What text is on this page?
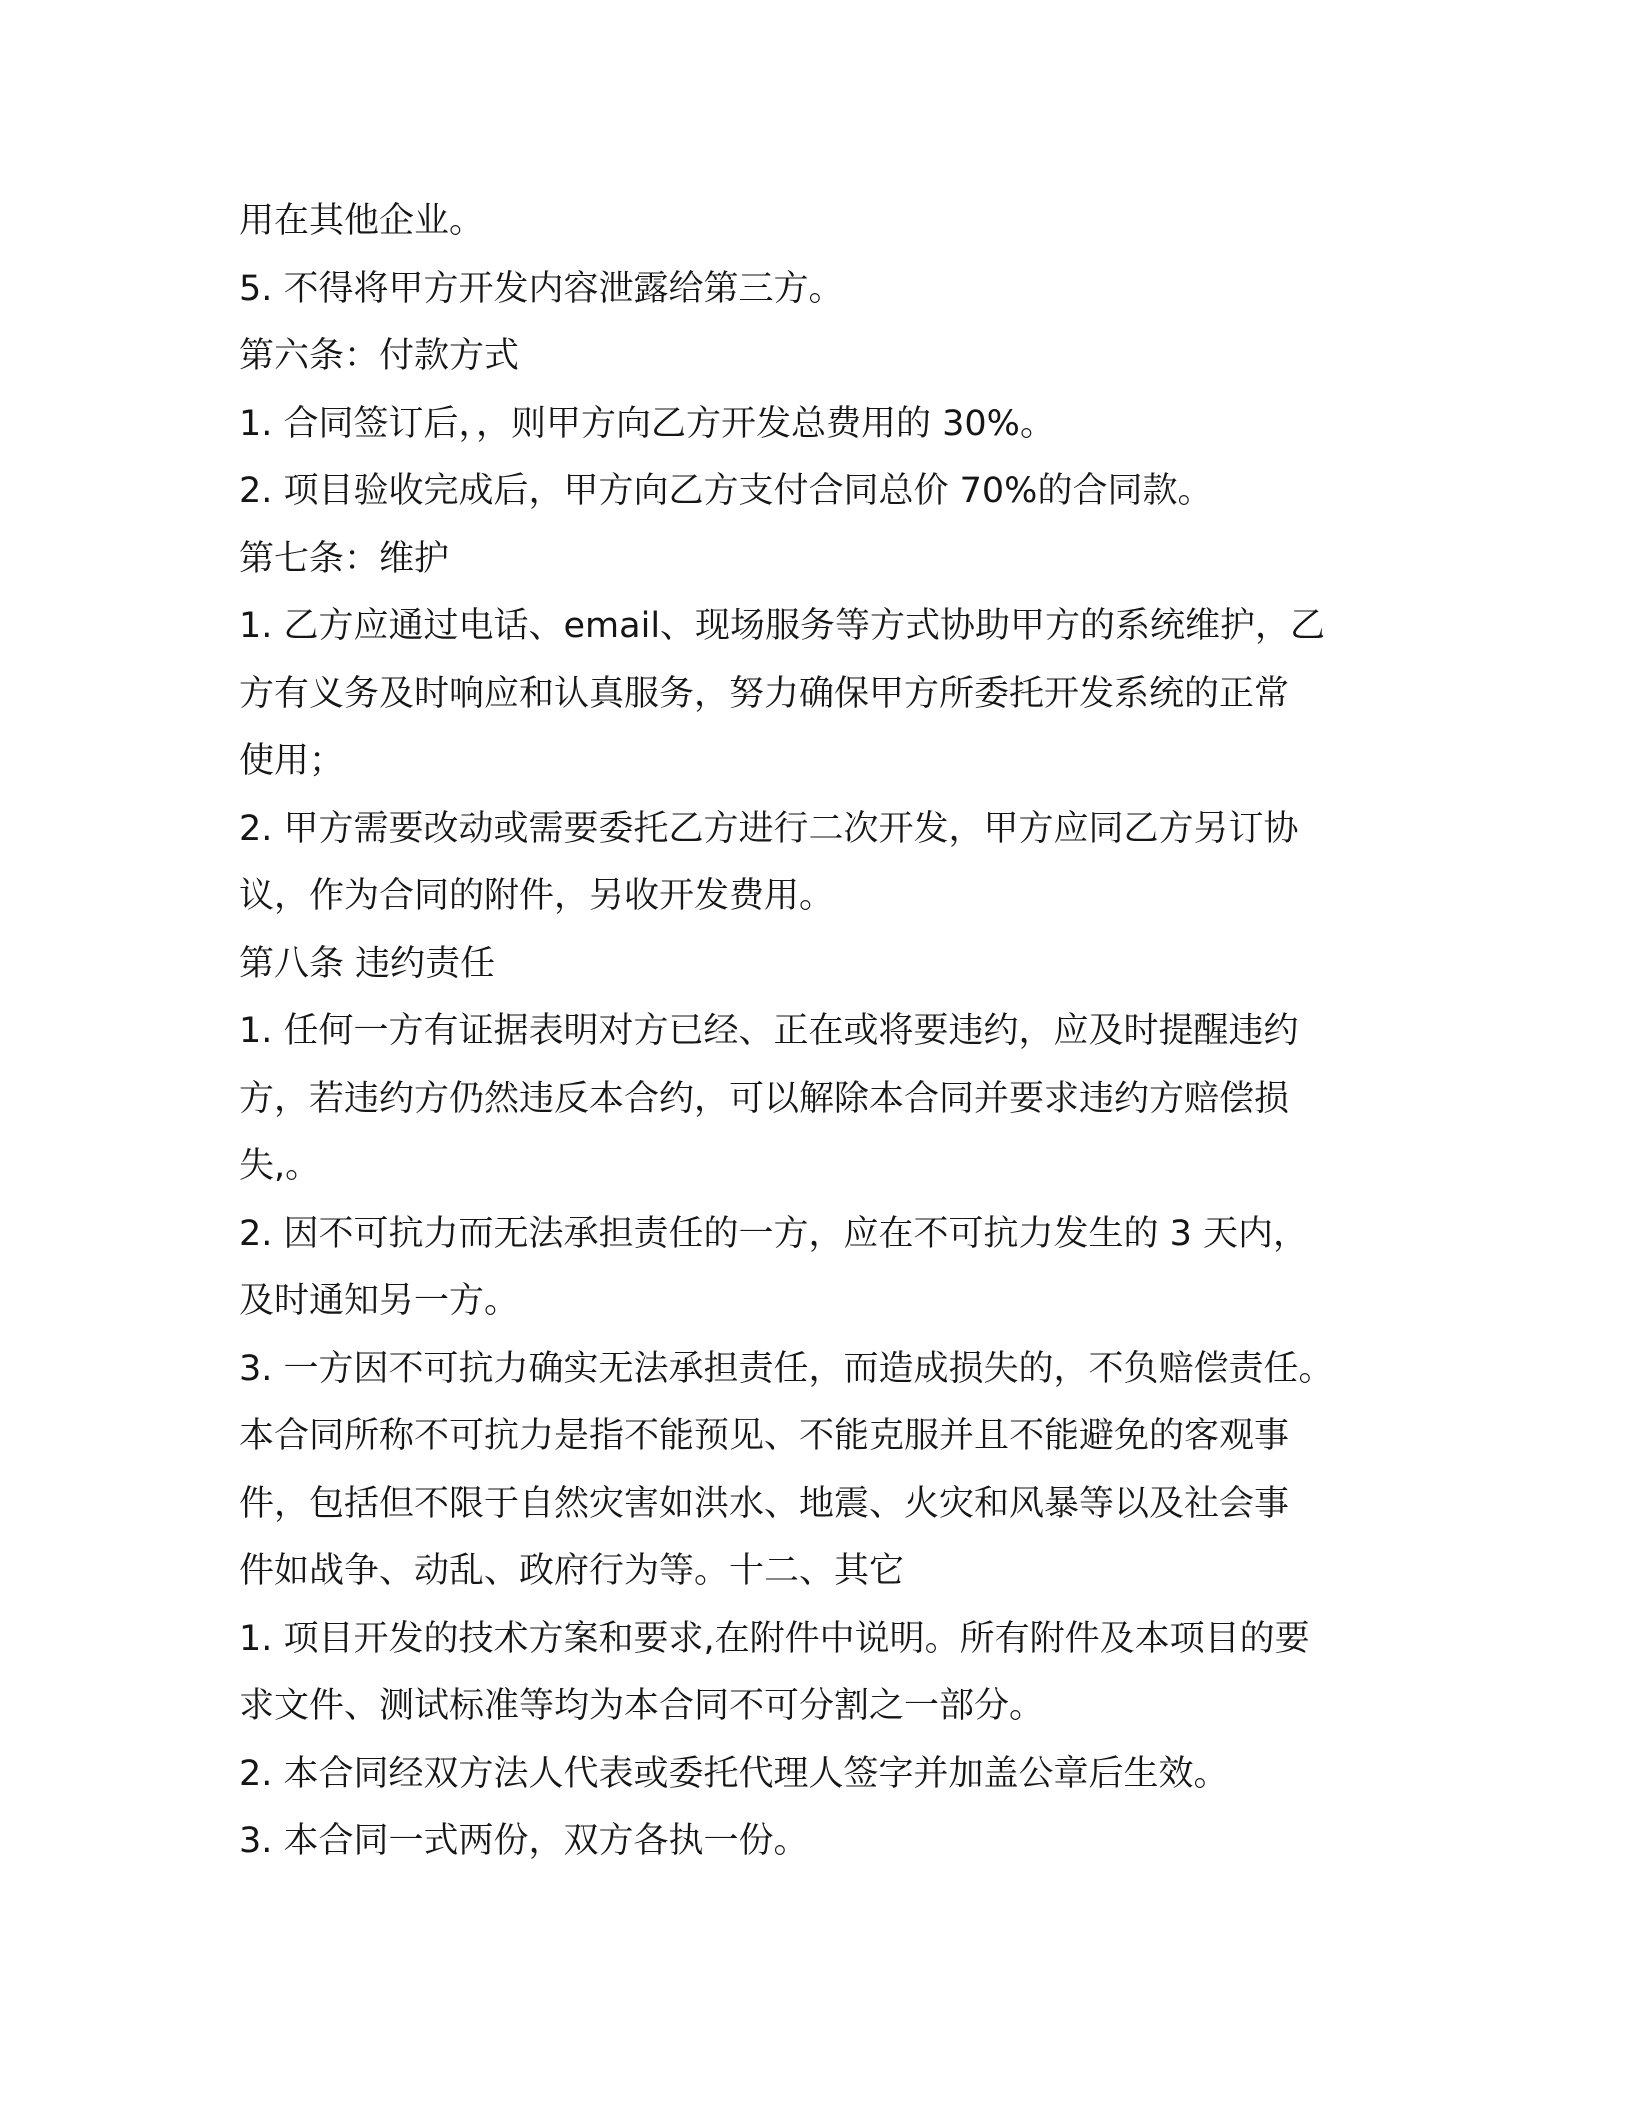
用在其他企业。

5. 不得将甲方开发内容泄露给第三方。

第六条：付款方式

1. 合同签订后，，则甲方向乙方开发总费用的 30%。

2. 项目验收完成后，甲方向乙方支付合同总价 70%的合同款。

第七条：维护

1. 乙方应通过电话、email、现场服务等方式协助甲方的系统维护，乙

方有义务及时响应和认真服务，努力确保甲方所委托开发系统的正常

使用；

2. 甲方需要改动或需要委托乙方进行二次开发，甲方应同乙方另订协

议，作为合同的附件，另收开发费用。

第八条 违约责任

1. 任何一方有证据表明对方已经、正在或将要违约，应及时提醒违约

方，若违约方仍然违反本合约，可以解除本合同并要求违约方赔偿损

失,。

2. 因不可抗力而无法承担责任的一方，应在不可抗力发生的 3 天内，

及时通知另一方。

3. 一方因不可抗力确实无法承担责任，而造成损失的，不负赔偿责任。

本合同所称不可抗力是指不能预见、不能克服并且不能避免的客观事

件，包括但不限于自然灾害如洪水、地震、火灾和风暴等以及社会事

件如战争、动乱、政府行为等。十二、其它

1. 项目开发的技术方案和要求,在附件中说明。所有附件及本项目的要

求文件、测试标准等均为本合同不可分割之一部分。

2. 本合同经双方法人代表或委托代理人签字并加盖公章后生效。

3. 本合同一式两份，双方各执一份。
